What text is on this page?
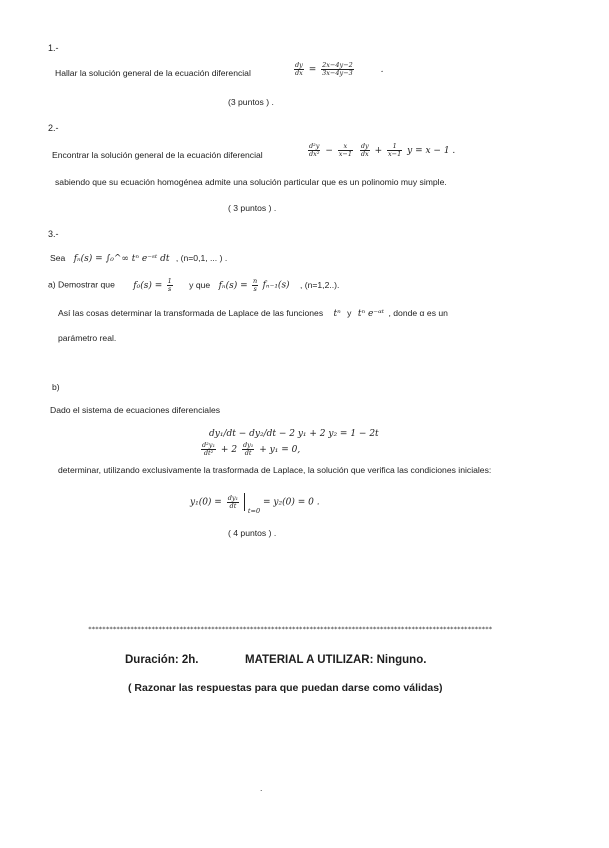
1.-
Hallar la solución general de la ecuación diferencial	$\frac{dy}{dx} = \frac{2x-4y-2}{3x-4y-3}$	.
(3 puntos ) .
2.-
Encontrar la solución general de la ecuación diferencial	$\frac{\text{d²y}}{\text{dx²}} - \frac{x}{x-1}$
$\frac{dy}{dx} + \frac{1}{x-1}$ y = x − 1 .
sabiendo que su ecuación homogénea admite una solución particular que es un polinomio muy simple.
( 3 puntos ) .
3.-
Sea fₙ(s) = ∫₀^∞ tⁿ e⁻ˢᵗ dt , (n=0,1, ... ) .
a) Demostrar que $f_0(s) = \frac{1}{s}$ y que $f_n(s) = \frac{n}{s} f_{n-1}(s)$ , (n=1,2..).
Así las cosas determinar la transformada de Laplace de las funciones tⁿ y tⁿ e⁻ᵅᵗ , donde α es un
parámetro real.
b)
Dado el sistema de ecuaciones diferenciales
dy₁/dt − dy₂/dt − 2 y₁ + 2 y₂ = 1 − 2t
$\frac{\text{d²y₁}}{\text{dt²}} + 2 \frac{\text{dy₁}}{dt} + y_1 = 0$,
determinar, utilizando exclusivamente la trasformada de Laplace, la solución que verifica las condiciones iniciales:
$y_1(0) = \frac{\text{dy₁}}{dt}$
$_{t=0}$ = y₂(0) = 0 .
( 4 puntos ) .
*******************************************************************************************************************
Duración: 2h.	MATERIAL A UTILIZAR: Ninguno.
( Razonar las respuestas para que puedan darse como válidas)
.
